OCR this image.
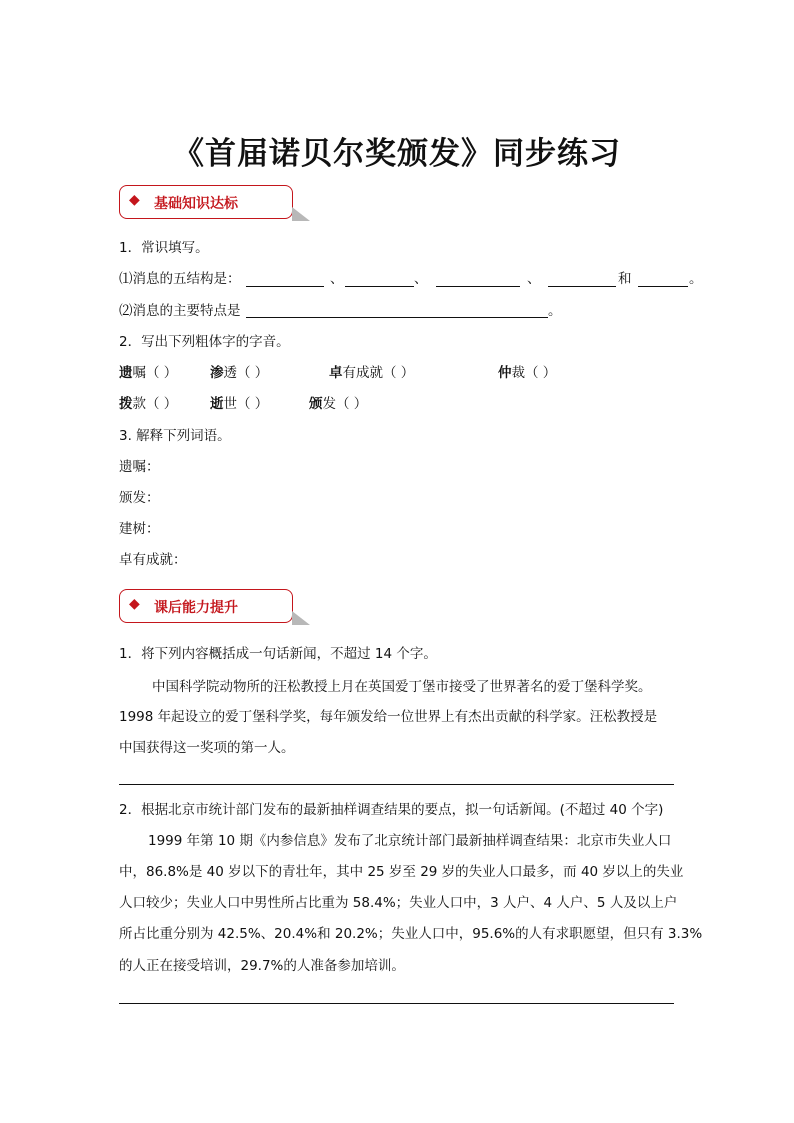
《首届诺贝尔奖颁发》同步练习
◆ 基础知识达标
1．常识填写。
⑴消息的五结构是：	、	、	、	和	。
⑵消息的主要特点是	。
2．写出下列粗体字的字音。
遗嘱（ ） 渗透（ ）	卓有成就（ ）	仲裁（ ）
拨款（ ） 逝世（ ）	颁发（ ）
3. 解释下列词语。
遗嘱：
颁发：
建树：
卓有成就：
◆ 课后能力提升
1．将下列内容概括成一句话新闻，不超过 14 个字。
中国科学院动物所的汪松教授上月在英国爱丁堡市接受了世界著名的爱丁堡科学奖。
1998 年起设立的爱丁堡科学奖，每年颁发给一位世界上有杰出贡献的科学家。汪松教授是
中国获得这一奖项的第一人。
2．根据北京市统计部门发布的最新抽样调查结果的要点，拟一句话新闻。(不超过 40 个字)
1999 年第 10 期《内参信息》发布了北京统计部门最新抽样调查结果：北京市失业人口
中，86.8%是 40 岁以下的青壮年，其中 25 岁至 29 岁的失业人口最多，而 40 岁以上的失业
人口较少；失业人口中男性所占比重为 58.4%；失业人口中，3 人户、4 人户、5 人及以上户
所占比重分别为 42.5%、20.4%和 20.2%；失业人口中，95.6%的人有求职愿望，但只有 3.3%
的人正在接受培训，29.7%的人准备参加培训。
